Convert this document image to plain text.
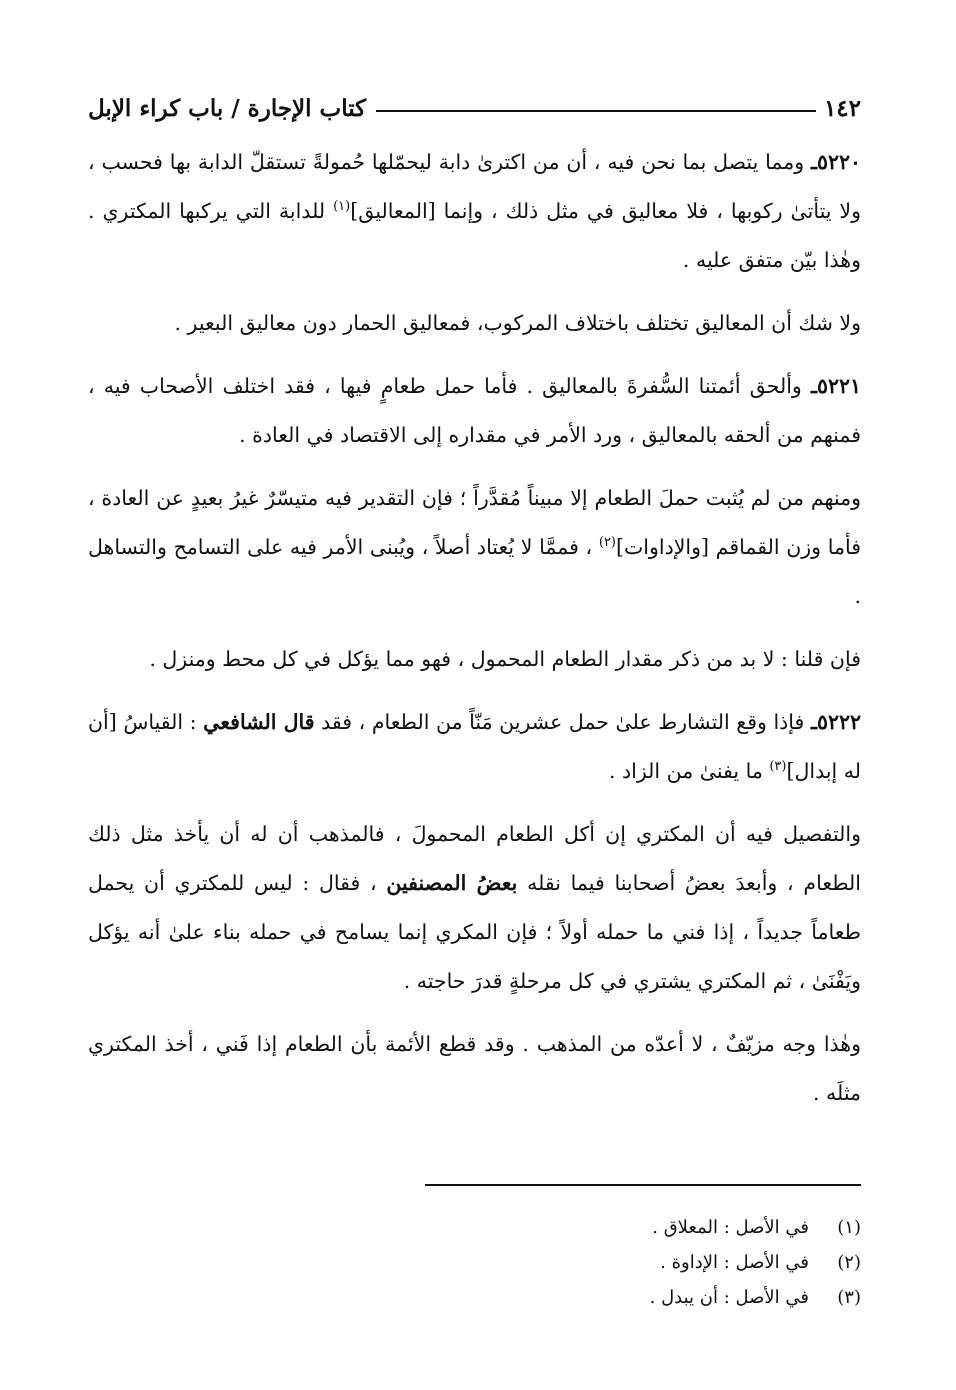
١٤٢
كتاب الإجارة / باب كراء الإبل

٥٢٢٠ـ ومما يتصل بما نحن فيه ، أن من اكترىٰ دابة ليحمّلها حُمولةً تستقلّ الدابة بها فحسب ، ولا يتأتىٰ ركوبها ، فلا معاليق في مثل ذلك ، وإنما [المعاليق]$^{(١)}$ للدابة التي يركبها المكتري . وهٰذا بيّن متفق عليه .

ولا شك أن المعاليق تختلف باختلاف المركوب، فمعاليق الحمار دون معاليق البعير .

٥٢٢١ـ وألحق أئمتنا السُّفرةَ بالمعاليق . فأما حمل طعامٍ فيها ، فقد اختلف الأصحاب فيه ، فمنهم من ألحقه بالمعاليق ، ورد الأمر في مقداره إلى الاقتصاد في العادة .

ومنهم من لم يُثبت حملَ الطعام إلا مبيناً مُقدَّراً ؛ فإن التقدير فيه متيسّرٌ غيرُ بعيدٍ عن العادة ، فأما وزن القماقم [والإداوات]$^{(٢)}$ ، فممَّا لا يُعتاد أصلاً ، ويُبنى الأمر فيه على التسامح والتساهل .

فإن قلنا : لا بد من ذكر مقدار الطعام المحمول ، فهو مما يؤكل في كل محط ومنزل .

٥٢٢٢ـ فإذا وقع التشارط علىٰ حمل عشرين مَنّاً من الطعام ، فقد قال الشافعي : القياسُ [أن له إبدال]$^{(٣)}$ ما يفنىٰ من الزاد .

والتفصيل فيه أن المكتري إن أكل الطعام المحمولَ ، فالمذهب أن له أن يأخذ مثل ذلك الطعام ، وأبعدَ بعضُ أصحابنا فيما نقله بعضُ المصنفين ، فقال : ليس للمكتري أن يحمل طعاماً جديداً ، إذا فني ما حمله أولاً ؛ فإن المكري إنما يسامح في حمله بناء علىٰ أنه يؤكل ويَفْنَىٰ ، ثم المكتري يشتري في كل مرحلةٍ قدرَ حاجته .

وهٰذا وجه مزيّفٌ ، لا أعدّه من المذهب . وقد قطع الأئمة بأن الطعام إذا فَني ، أخذ المكتري مثلَه .

(١)
في الأصل : المعلاق .
(٢)
في الأصل : الإداوة .
(٣)
في الأصل : أن يبدل .
